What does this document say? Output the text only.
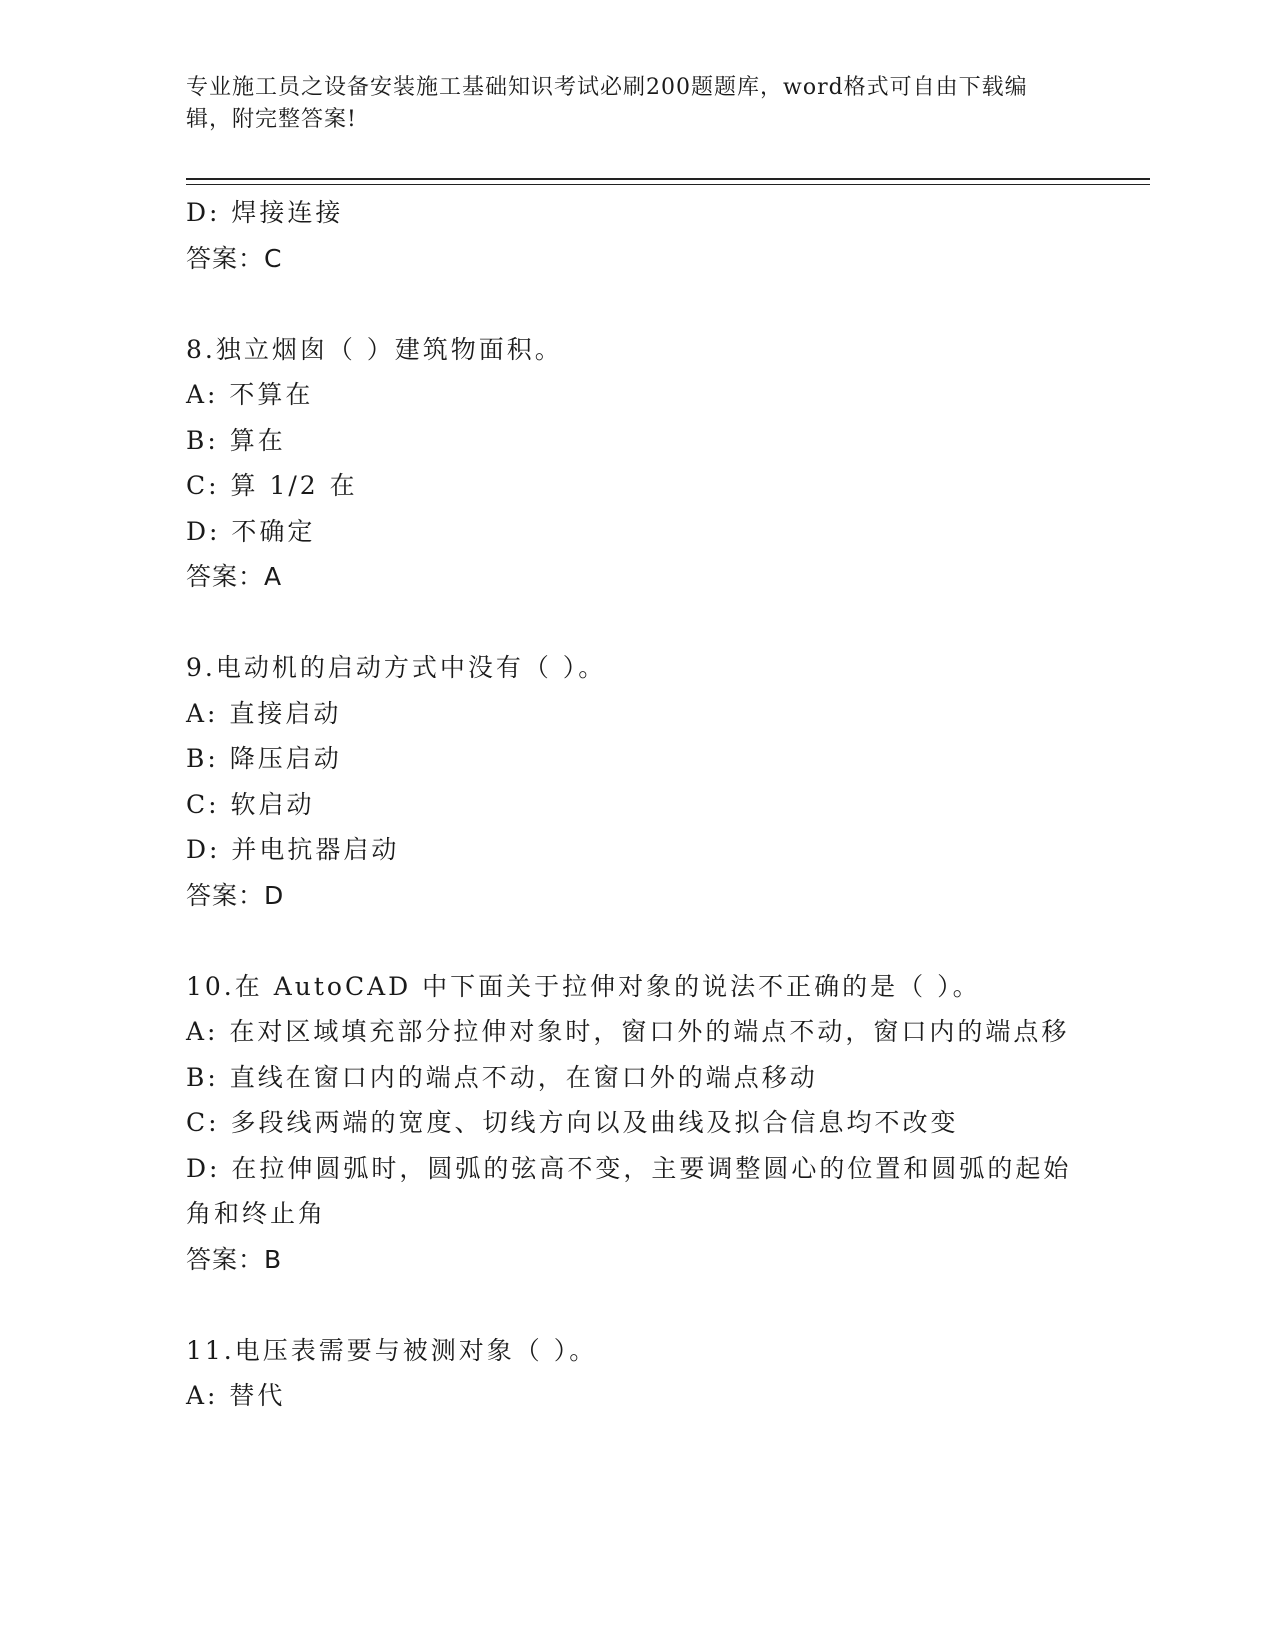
专业施工员之设备安装施工基础知识考试必刷200题题库，word格式可自由下载编辑，附完整答案!
D: 焊接连接
答案：C
8.独立烟囱（ ）建筑物面积。
A: 不算在
B: 算在
C: 算 1/2 在
D: 不确定
答案：A
9.电动机的启动方式中没有（ ）。
A: 直接启动
B: 降压启动
C: 软启动
D: 并电抗器启动
答案：D
10.在 AutoCAD 中下面关于拉伸对象的说法不正确的是（ ）。
A: 在对区域填充部分拉伸对象时，窗口外的端点不动，窗口内的端点移
B: 直线在窗口内的端点不动，在窗口外的端点移动
C: 多段线两端的宽度、切线方向以及曲线及拟合信息均不改变
D: 在拉伸圆弧时，圆弧的弦高不变，主要调整圆心的位置和圆弧的起始角和终止角
答案：B
11.电压表需要与被测对象（ ）。
A: 替代
